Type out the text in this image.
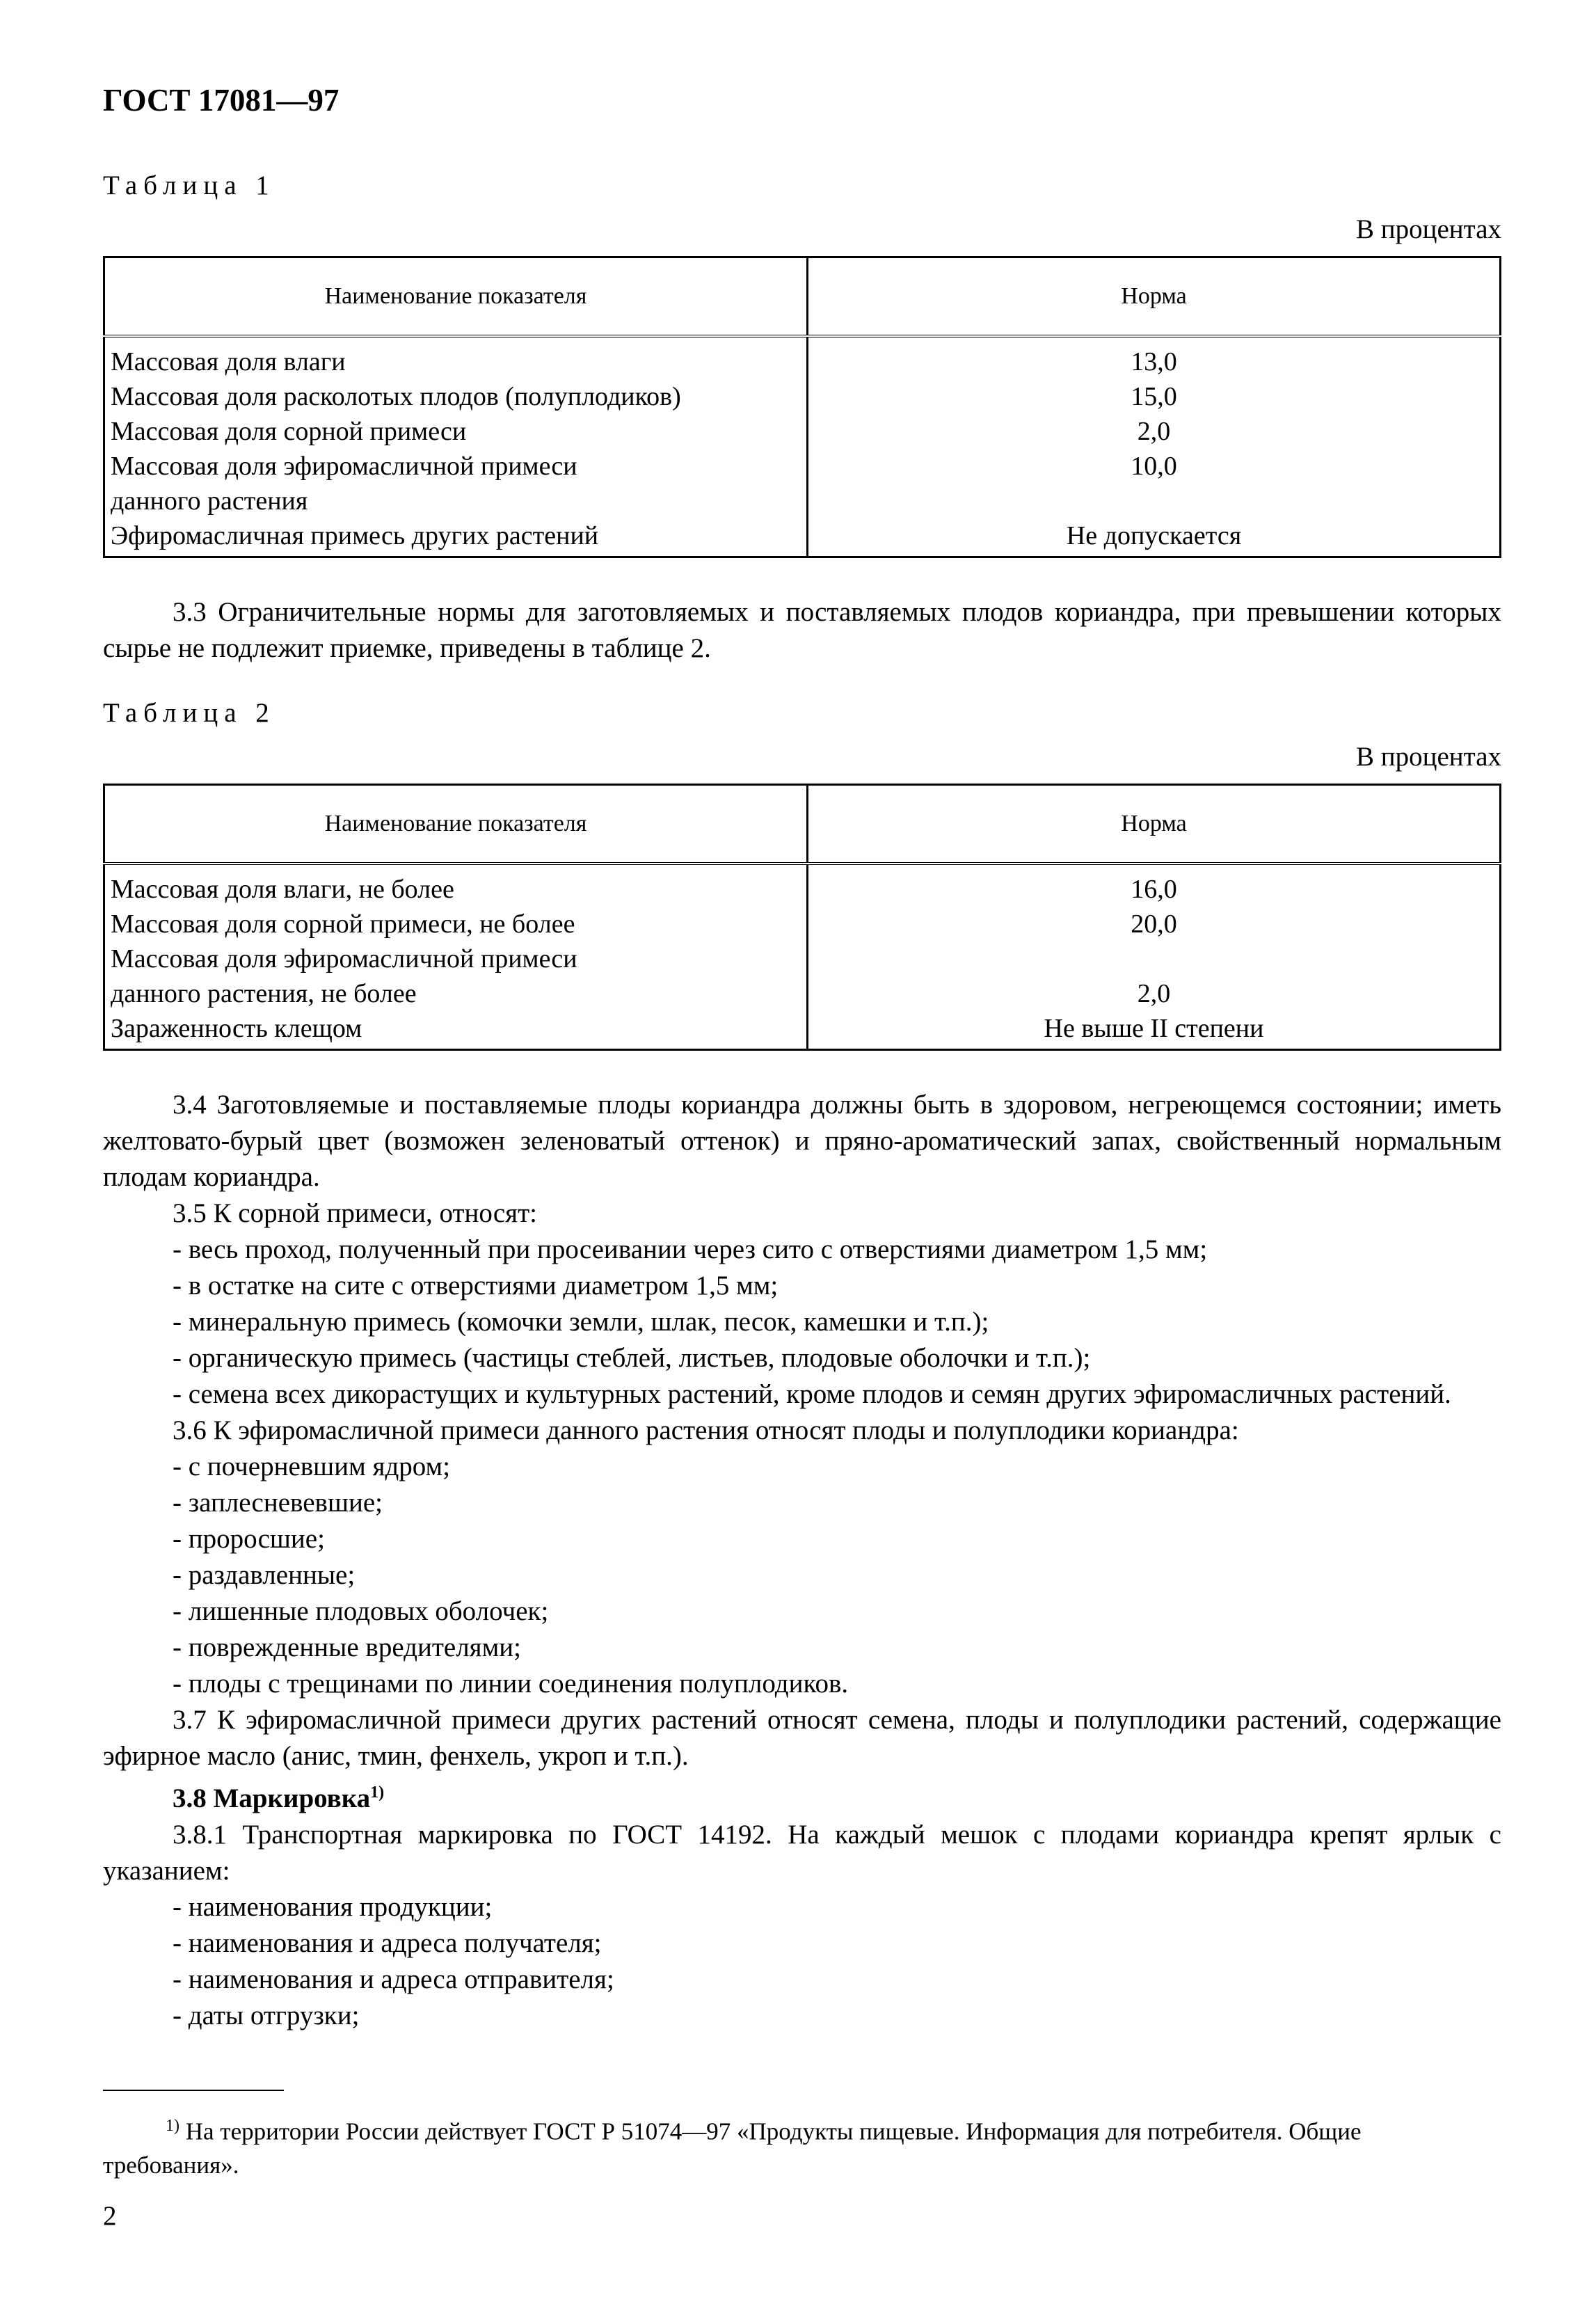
ГОСТ 17081—97
Таблица 1
В процентах
Наименование показателя	Норма
Массовая доля влаги	13,0
Массовая доля расколотых плодов (полуплодиков)	15,0
Массовая доля сорной примеси	2,0
Массовая доля эфиромасличной примеси	10,0
данного растения	
Эфиромасличная примесь других растений	Не допускается

3.3 Ограничительные нормы для заготовляемых и поставляемых плодов кориандра, при превышении которых сырье не подлежит приемке, приведены в таблице 2.

Таблица 2
В процентах
Наименование показателя	Норма
Массовая доля влаги, не более	16,0
Массовая доля сорной примеси, не более	20,0
Массовая доля эфиромасличной примеси	
данного растения, не более	2,0
Зараженность клещом	Не выше II степени

3.4 Заготовляемые и поставляемые плоды кориандра должны быть в здоровом, негреющемся состоянии; иметь желтовато-бурый цвет (возможен зеленоватый оттенок) и пряно-ароматический запах, свойственный нормальным плодам кориандра.

3.5 К сорной примеси, относят:

- весь проход, полученный при просеивании через сито с отверстиями диаметром 1,5 мм;

- в остатке на сите с отверстиями диаметром 1,5 мм;

- минеральную примесь (комочки земли, шлак, песок, камешки и т.п.);

- органическую примесь (частицы стеблей, листьев, плодовые оболочки и т.п.);

- семена всех дикорастущих и культурных растений, кроме плодов и семян других эфиромасличных растений.

3.6 К эфиромасличной примеси данного растения относят плоды и полуплодики кориандра:

- с почерневшим ядром;

- заплесневевшие;

- проросшие;

- раздавленные;

- лишенные плодовых оболочек;

- поврежденные вредителями;

- плоды с трещинами по линии соединения полуплодиков.

3.7 К эфиромасличной примеси других растений относят семена, плоды и полуплодики растений, содержащие эфирное масло (анис, тмин, фенхель, укроп и т.п.).

3.8 Маркировка$^{1)}$

3.8.1 Транспортная маркировка по ГОСТ 14192. На каждый мешок с плодами кориандра крепят ярлык с указанием:

- наименования продукции;

- наименования и адреса получателя;

- наименования и адреса отправителя;

- даты отгрузки;

$^{1)}$ На территории России действует ГОСТ Р 51074—97 «Продукты пищевые. Информация для потребителя. Общие требования».

2
